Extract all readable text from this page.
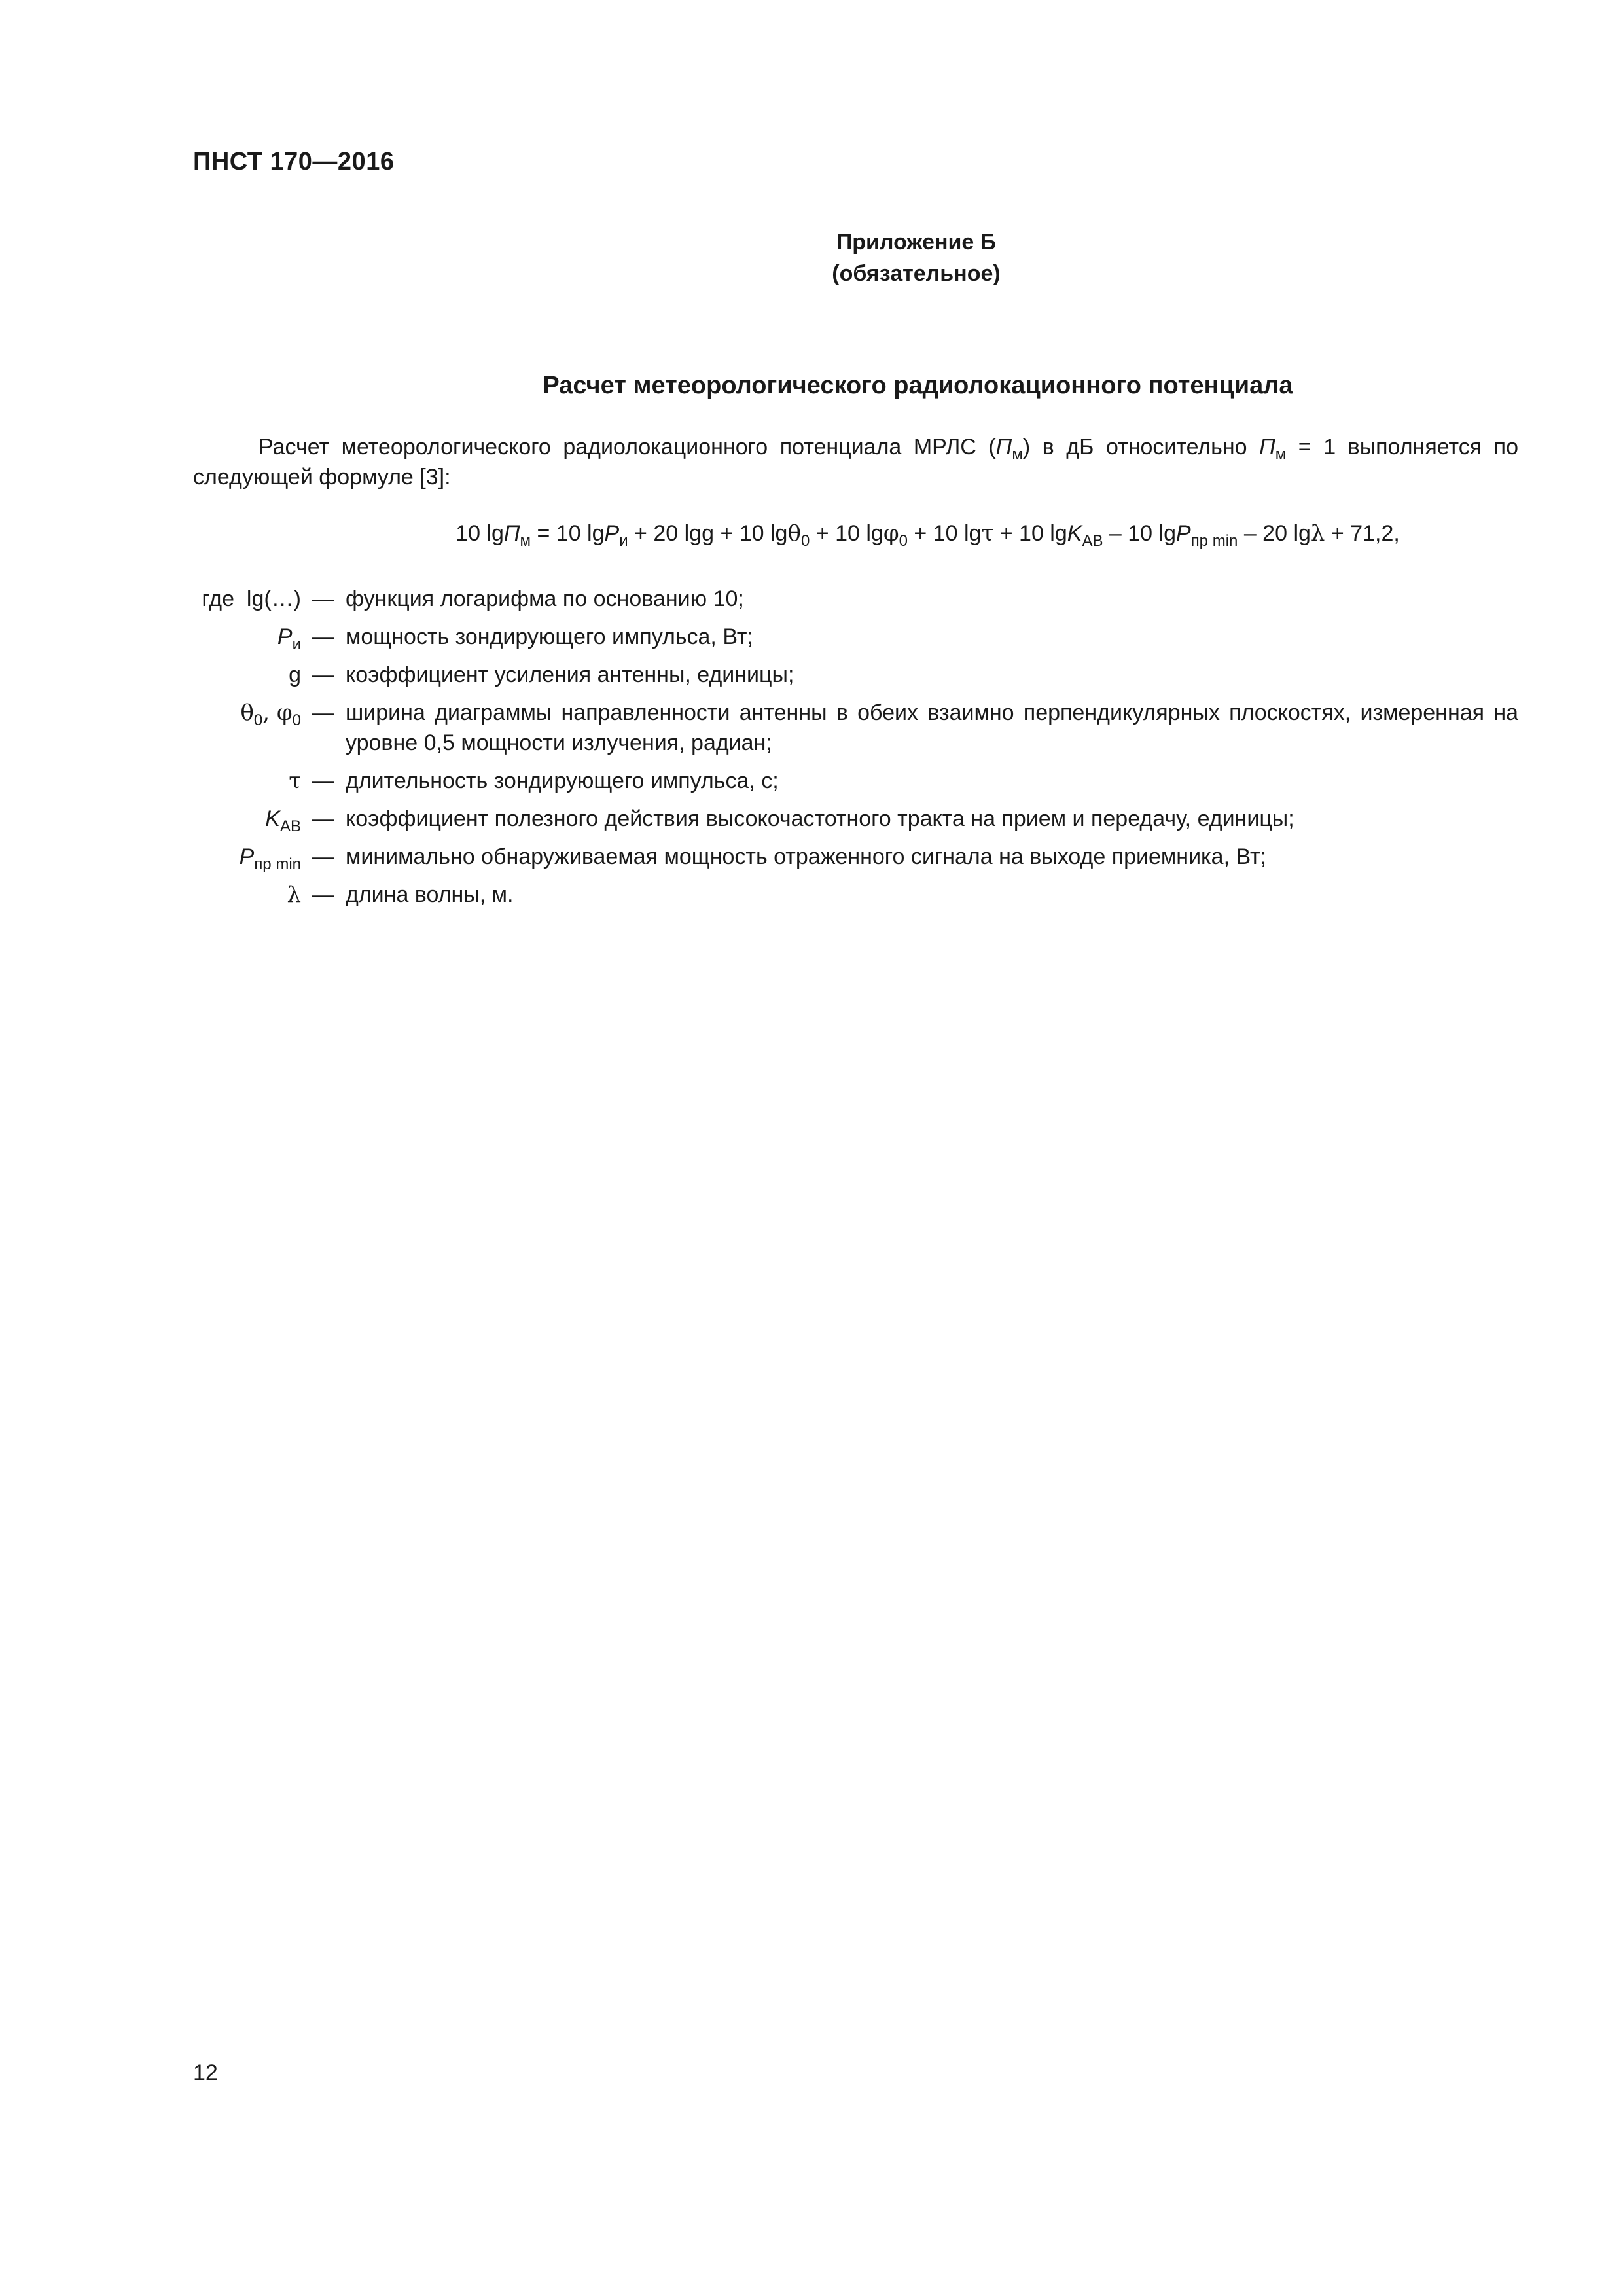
ПНСТ 170—2016
Приложение Б
(обязательное)
Расчет метеорологического радиолокационного потенциала
Расчет метеорологического радиолокационного потенциала МРЛС $(П_м)$ в дБ относительно $П_м = 1$ выполняется по следующей формуле [3]:
10 lgП$_м$ = 10 lgP$_и$ + 20 lgg + 10 lgθ$_0$ + 10 lgφ$_0$ + 10 lgτ + 10 lgK$_{АВ}$ – 10 lgP$_{пр min}$ – 20 lgλ + 71,2,
где lg(…) — функция логарифма по основанию 10;
$P_и$ — мощность зондирующего импульса, Вт;
g — коэффициент усиления антенны, единицы;
$\theta_0$, $\varphi_0$ — ширина диаграммы направленности антенны в обеих взаимно перпендикулярных плоскостях, измеренная на уровне 0,5 мощности излучения, радиан;
τ — длительность зондирующего импульса, с;
$K_{АВ}$ — коэффициент полезного действия высокочастотного тракта на прием и передачу, единицы;
$P_{пр min}$ — минимально обнаруживаемая мощность отраженного сигнала на выходе приемника, Вт;
λ — длина волны, м.
12
